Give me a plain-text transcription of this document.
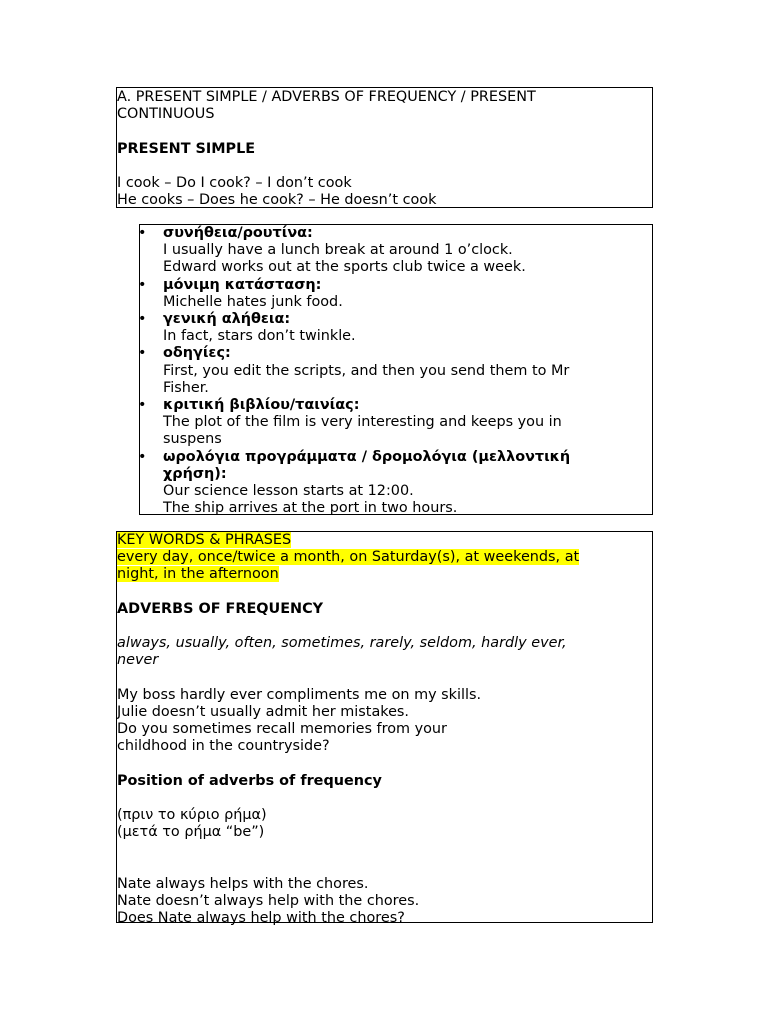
A. PRESENT SIMPLE / ADVERBS OF FREQUENCY / PRESENT

CONTINUOUS

PRESENT SIMPLE

I cook – Do I cook? – I don’t cook

He cooks – Does he cook? – He doesn’t cook

• συνήθεια/ρουτίνα:

I usually have a lunch break at around 1 o’clock.

Edward works out at the sports club twice a week.

• μόνιμη κατάσταση:

Michelle hates junk food.

• γενική αλήθεια:

In fact, stars don’t twinkle.

• οδηγίες:

First, you edit the scripts, and then you send them to Mr

Fisher.

• κριτική βιβλίου/ταινίας:

The plot of the film is very interesting and keeps you in

suspens

• ωρολόγια προγράμματα / δρομολόγια (μελλοντική

χρήση):

Our science lesson starts at 12:00.

The ship arrives at the port in two hours.

KEY WORDS & PHRASES

every day, once/twice a month, on Saturday(s), at weekends, at

night, in the afternoon

ADVERBS OF FREQUENCY

always, usually, often, sometimes, rarely, seldom, hardly ever,

never

My boss hardly ever compliments me on my skills.

Julie doesn’t usually admit her mistakes.

Do you sometimes recall memories from your

childhood in the countryside?

Position of adverbs of frequency

(πριν το κύριο ρήμα)

(μετά το ρήμα “be”)

Nate always helps with the chores.

Nate doesn’t always help with the chores.

Does Nate always help with the chores?
